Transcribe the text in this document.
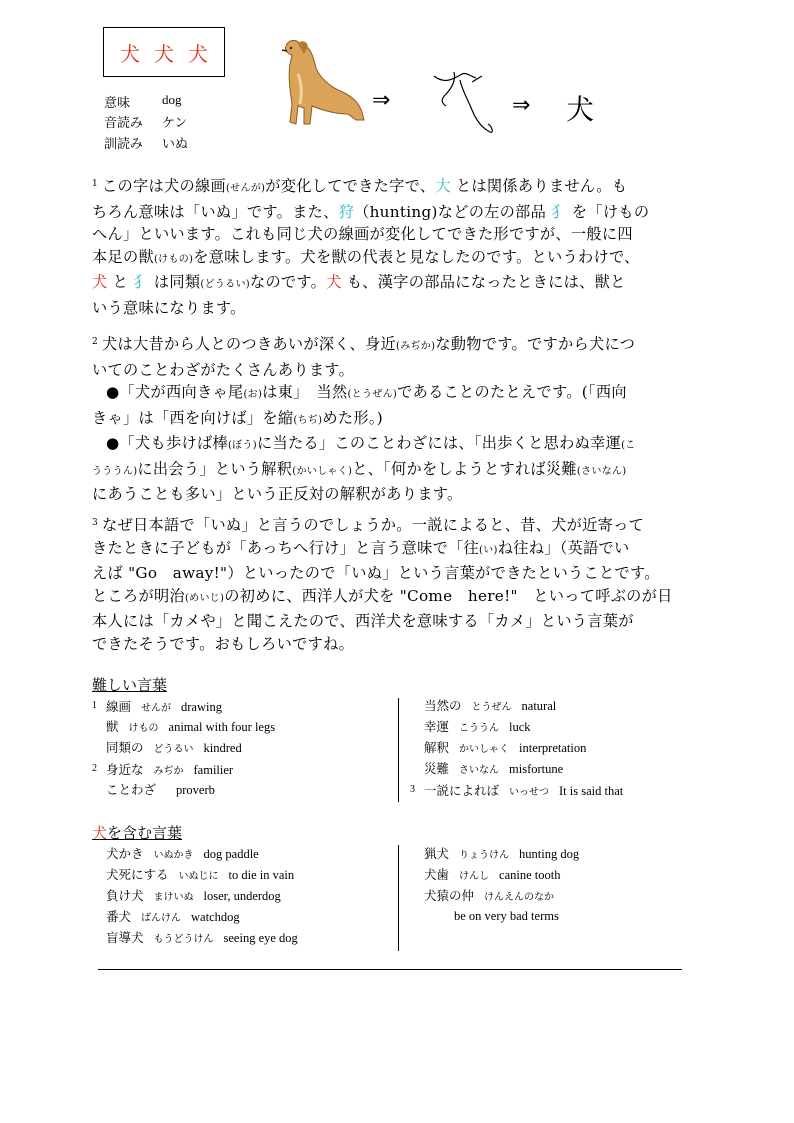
犬 犬 犬
意味	dog
音読み	ケン
訓読み	いぬ
⇒	⇒ 犬
$^1$ この字は犬の線画(せんが)が変化してできた字で、大 とは関係ありません。も
ちろん意味は「いぬ」です。また、狩（hunting)などの左の部品 犭 を「けもの
へん」といいます。これも同じ犬の線画が変化してできた形ですが、一般に四
本足の獣(けもの)を意味します。犬を獣の代表と見なしたのです。というわけで、
犬 と 犭 は同類(どうるい)なのです。犬 も、漢字の部品になったときには、獣と
いう意味になります。
$^2$ 犬は大昔から人とのつきあいが深く、身近(みぢか)な動物です。ですから犬につ
いてのことわざがたくさんあります。
●「犬が西向きゃ尾(お)は東」　当然(とうぜん)であることのたとえです。(「西向
きゃ」は「西を向けば」を縮(ちぢ)めた形。)
●「犬も歩けば棒(ぼう)に当たる」このことわざには、「出歩くと思わぬ幸運(こ
うううん)に出会う」という解釈(かいしゃく)と、「何かをしようとすれば災難(さいなん)
にあうことも多い」という正反対の解釈があります。
$^3$ なぜ日本語で「いぬ」と言うのでしょうか。一説によると、昔、犬が近寄って
きたときに子どもが「あっちへ行け」と言う意味で「往(い)ね往ね」（英語でい
えば "Go　away!"）といったので「いぬ」という言葉ができたということです。
ところが明治(めいじ)の初めに、西洋人が犬を "Come　here!"　といって呼ぶのが日
本人には「カメや」と聞こえたので、西洋犬を意味する「カメ」という言葉が
できたそうです。おもしろいですね。
難しい言葉
1 線画 せんが drawing
獣 けもの animal with four legs
同類の どうるい kindred
2 身近な みぢか familier
ことわざ proverb
当然の とうぜん natural
幸運 こううん luck
解釈 かいしゃく interpretation
災難 さいなん misfortune
3 一説によれば いっせつ It is said that
犬を含む言葉
犬かき いぬかき dog paddle
犬死にする いぬじに to die in vain
負け犬 まけいぬ loser, underdog
番犬 ばんけん watchdog
盲導犬 もうどうけん seeing eye dog
猟犬 りょうけん hunting dog
犬歯 けんし canine tooth
犬猿の仲 けんえんのなか
be on very bad terms
